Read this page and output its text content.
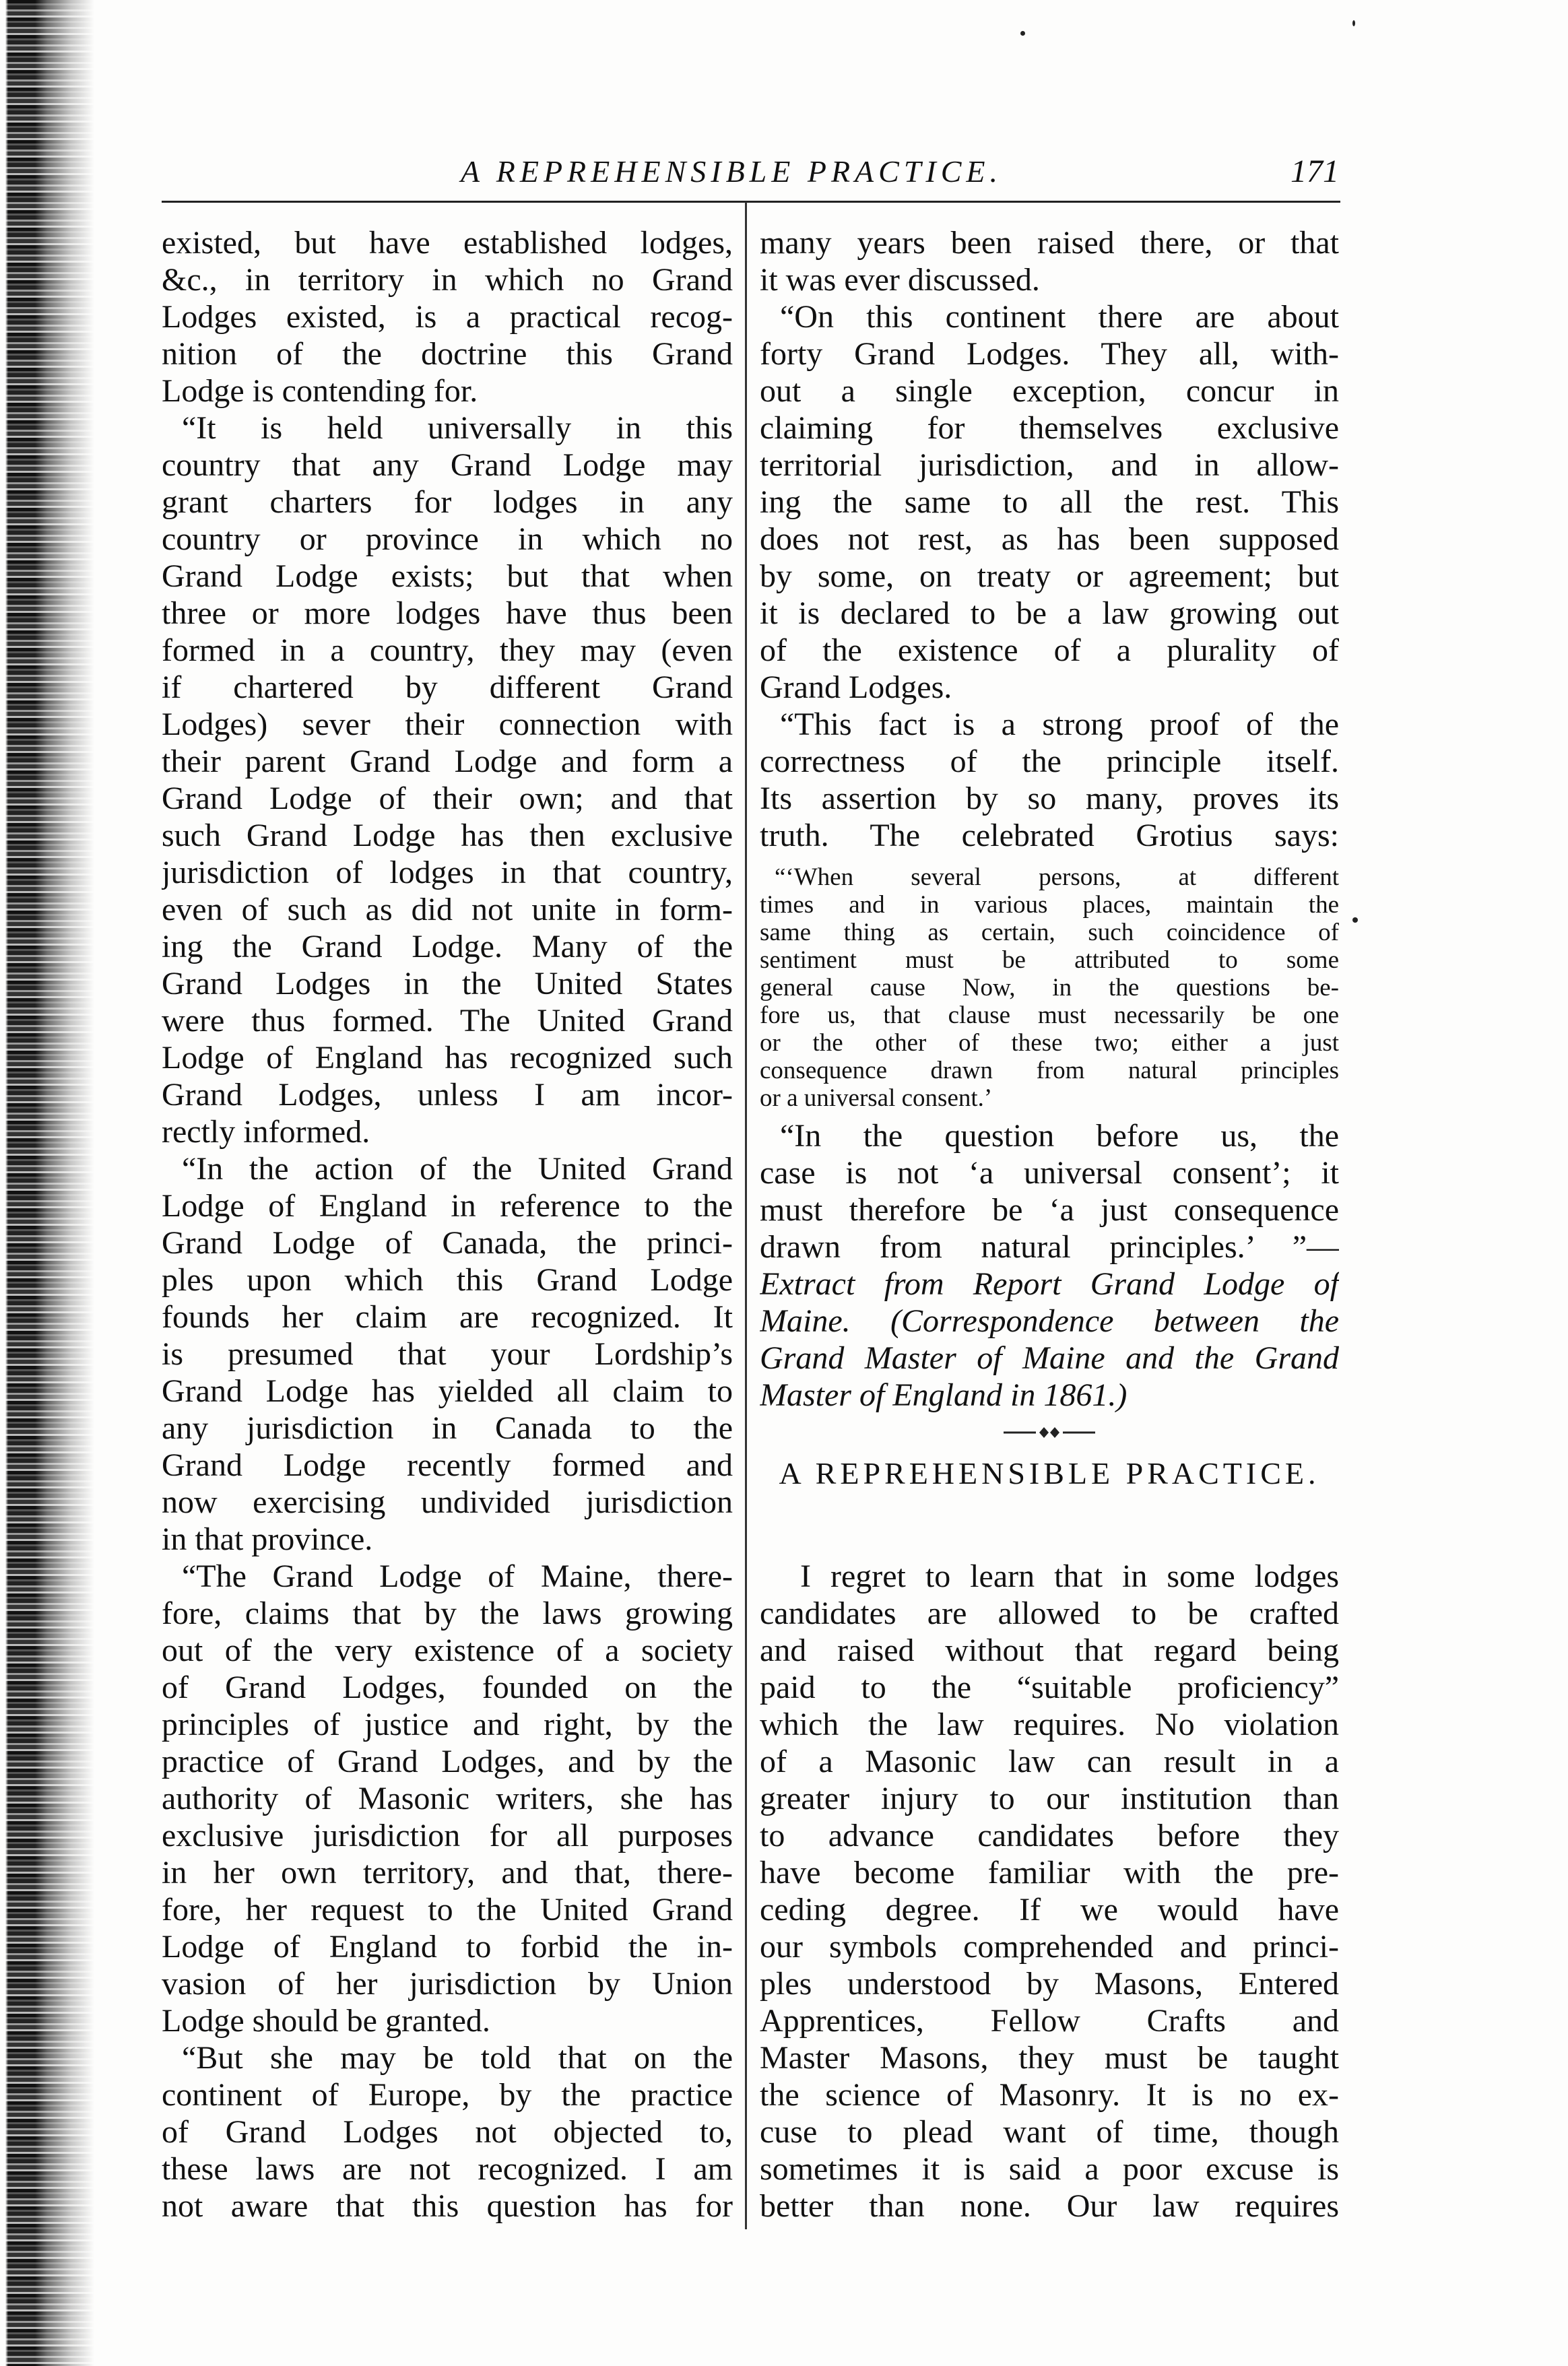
A REPREHENSIBLE PRACTICE.	171
existed, but have established lodges,
&c., in territory in which no Grand
Lodges existed, is a practical recog-
nition of the doctrine this Grand
Lodge is contending for.
“It is held universally in this
country that any Grand Lodge may
grant charters for lodges in any
country or province in which no
Grand Lodge exists; but that when
three or more lodges have thus been
formed in a country, they may (even
if chartered by different Grand
Lodges) sever their connection with
their parent Grand Lodge and form a
Grand Lodge of their own; and that
such Grand Lodge has then exclusive
jurisdiction of lodges in that country,
even of such as did not unite in form-
ing the Grand Lodge. Many of the
Grand Lodges in the United States
were thus formed. The United Grand
Lodge of England has recognized such
Grand Lodges, unless I am incor-
rectly informed.
“In the action of the United Grand
Lodge of England in reference to the
Grand Lodge of Canada, the princi-
ples upon which this Grand Lodge
founds her claim are recognized. It
is presumed that your Lordship’s
Grand Lodge has yielded all claim to
any jurisdiction in Canada to the
Grand Lodge recently formed and
now exercising undivided jurisdiction
in that province.
“The Grand Lodge of Maine, there-
fore, claims that by the laws growing
out of the very existence of a society
of Grand Lodges, founded on the
principles of justice and right, by the
practice of Grand Lodges, and by the
authority of Masonic writers, she has
exclusive jurisdiction for all purposes
in her own territory, and that, there-
fore, her request to the United Grand
Lodge of England to forbid the in-
vasion of her jurisdiction by Union
Lodge should be granted.
“But she may be told that on the
continent of Europe, by the practice
of Grand Lodges not objected to,
these laws are not recognized. I am
not aware that this question has for
many years been raised there, or that
it was ever discussed.
“On this continent there are about
forty Grand Lodges. They all, with-
out a single exception, concur in
claiming for themselves exclusive
territorial jurisdiction, and in allow-
ing the same to all the rest. This
does not rest, as has been supposed
by some, on treaty or agreement; but
it is declared to be a law growing out
of the existence of a plurality of
Grand Lodges.
“This fact is a strong proof of the
correctness of the principle itself.
Its assertion by so many, proves its
truth. The celebrated Grotius says:
“‘When several persons, at different
times and in various places, maintain the
same thing as certain, such coincidence of
sentiment must be attributed to some
general cause Now, in the questions be-
fore us, that clause must necessarily be one
or the other of these two; either a just
consequence drawn from natural principles
or a universal consent.’
“In the question before us, the
case is not ‘a universal consent’; it
must therefore be ‘a just consequence
drawn from natural principles.’ ”—
Extract from Report Grand Lodge of
Maine. (Correspondence between the
Grand Master of Maine and the Grand
Master of England in 1861.)
A REPREHENSIBLE PRACTICE.
I regret to learn that in some lodges
candidates are allowed to be crafted
and raised without that regard being
paid to the “suitable proficiency”
which the law requires. No violation
of a Masonic law can result in a
greater injury to our institution than
to advance candidates before they
have become familiar with the pre-
ceding degree. If we would have
our symbols comprehended and princi-
ples understood by Masons, Entered
Apprentices, Fellow Crafts and
Master Masons, they must be taught
the science of Masonry. It is no ex-
cuse to plead want of time, though
sometimes it is said a poor excuse is
better than none. Our law requires
